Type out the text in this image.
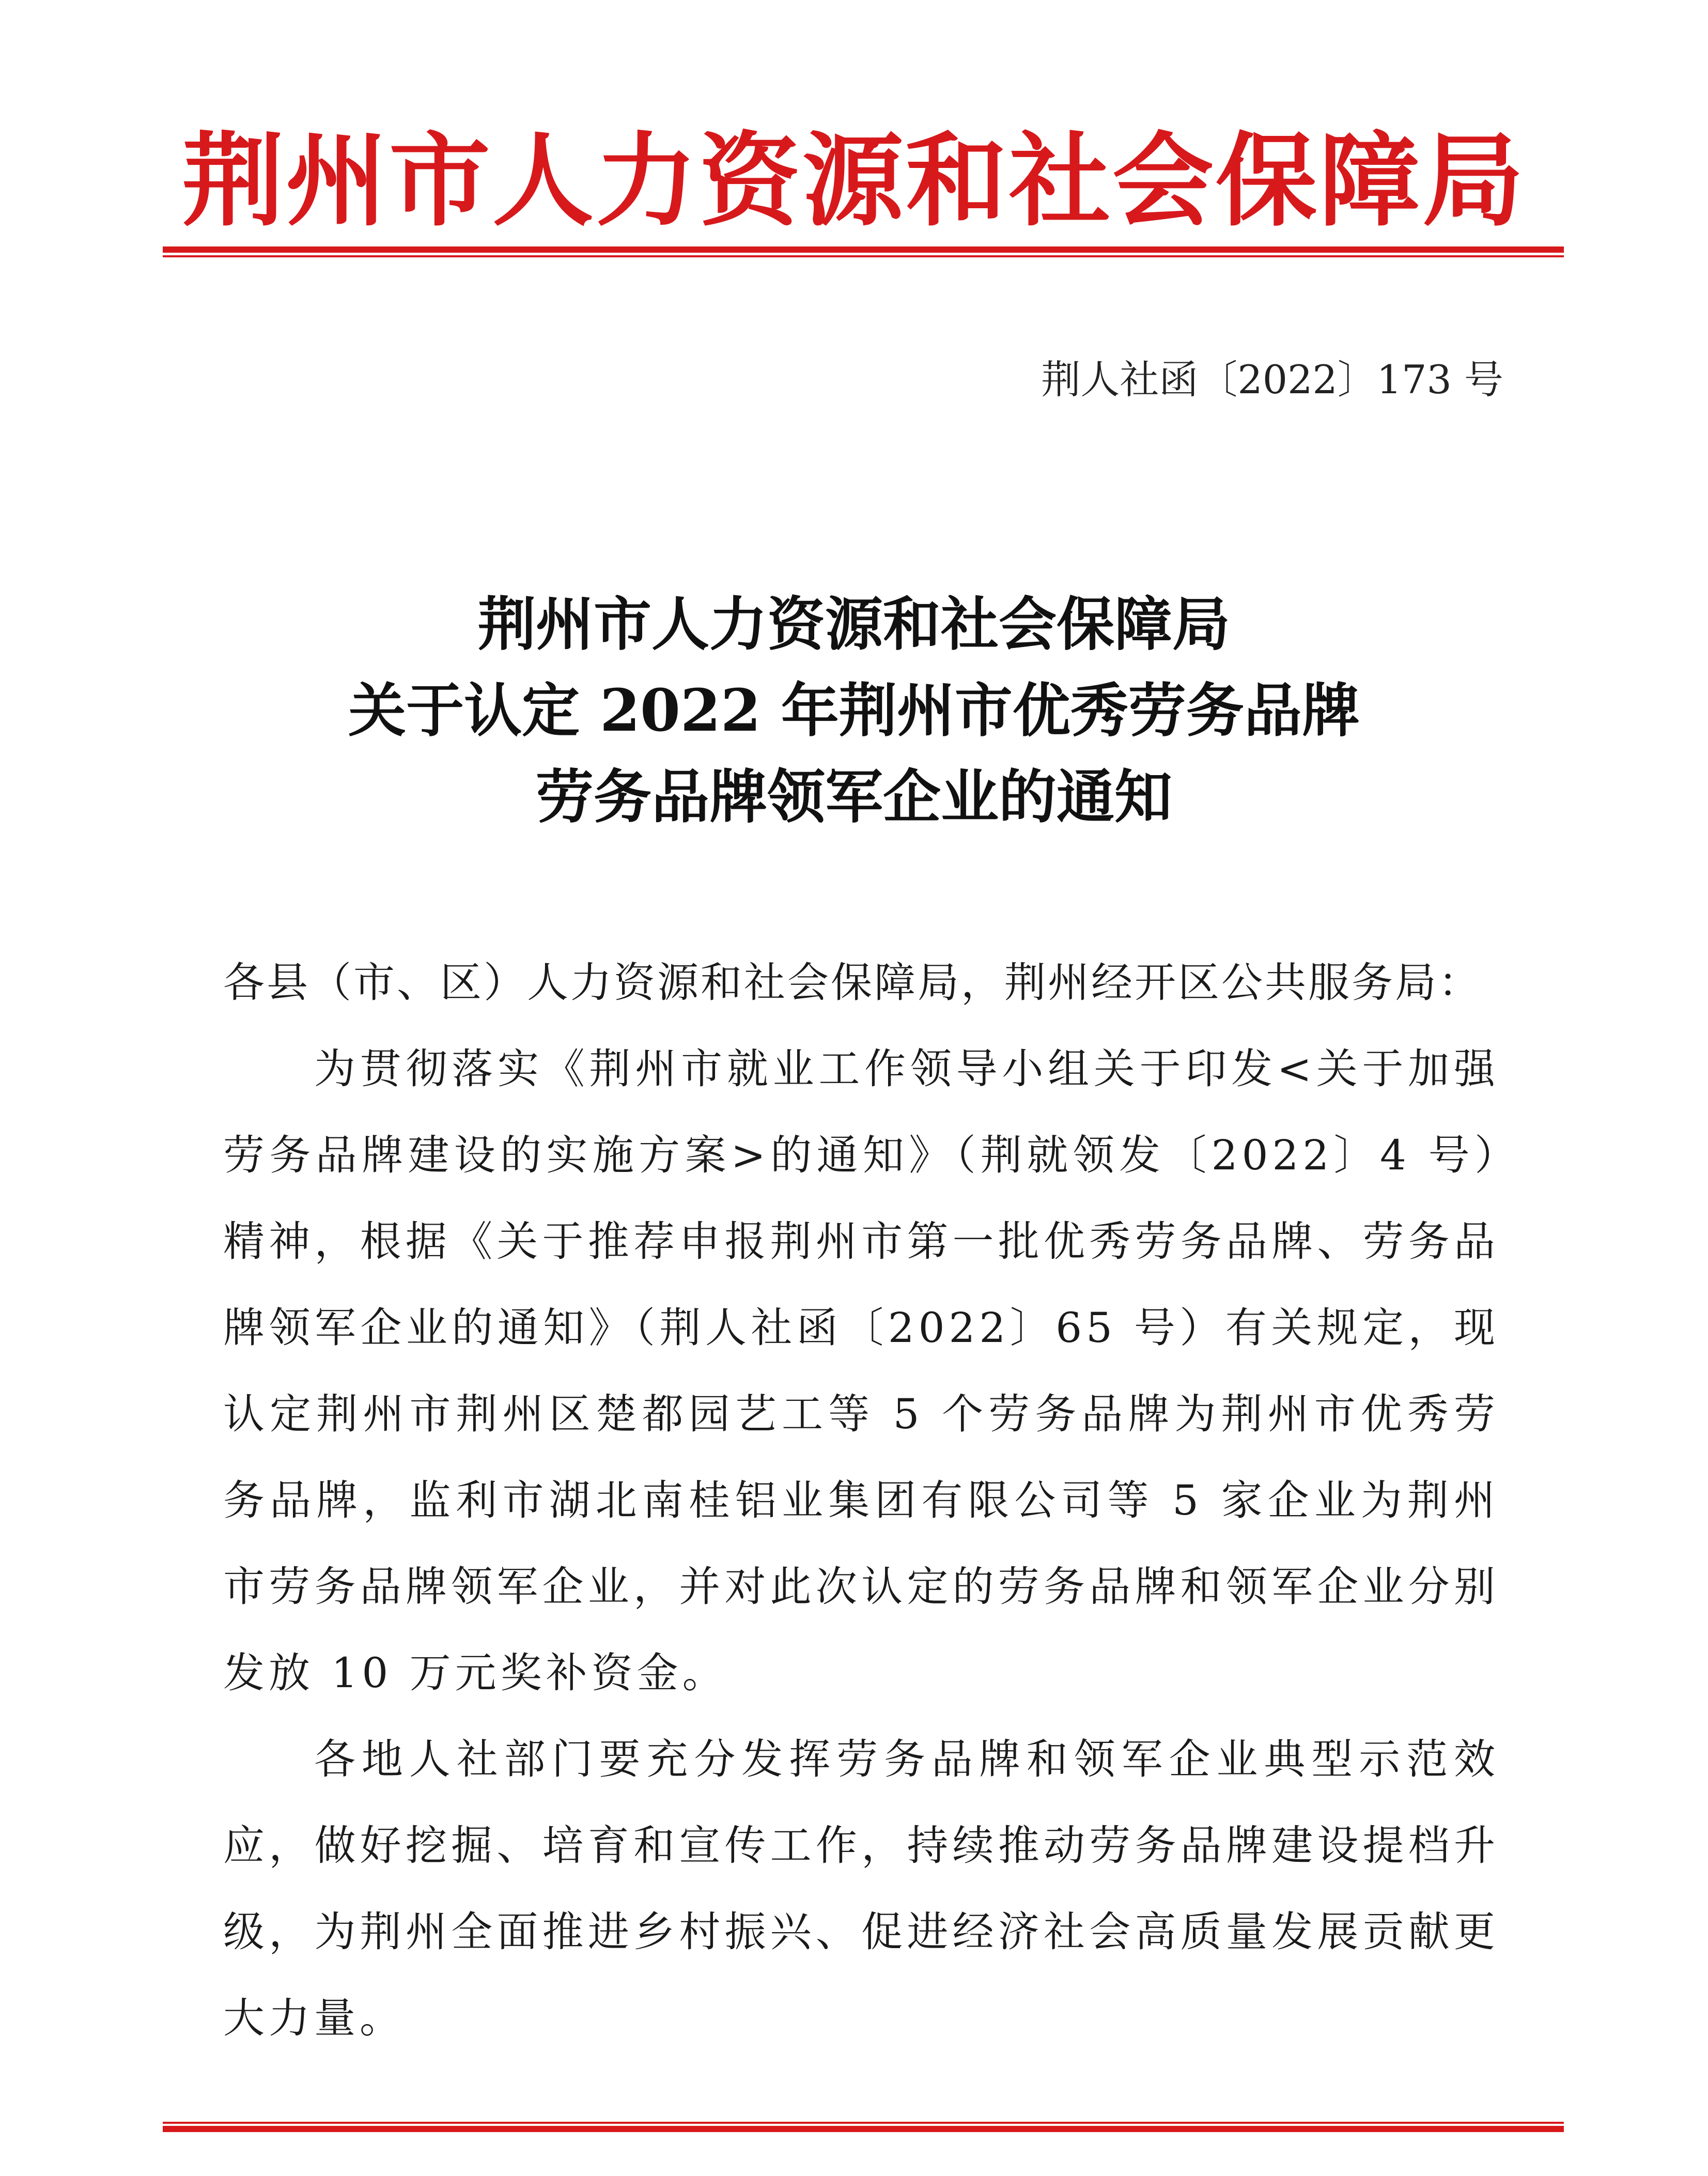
荆州市人力资源和社会保障局
荆人社函〔2022〕173 号
荆州市人力资源和社会保障局
关于认定 2022 年荆州市优秀劳务品牌
劳务品牌领军企业的通知

各县（市、区）人力资源和社会保障局，荆州经开区公共服务局：

为贯彻落实《荆州市就业工作领导小组关于印发<关于加强劳务品牌建设的实施方案>的通知》（荆就领发〔2022〕4 号）精神，根据《关于推荐申报荆州市第一批优秀劳务品牌、劳务品牌领军企业的通知》（荆人社函〔2022〕65 号）有关规定，现认定荆州市荆州区楚都园艺工等 5 个劳务品牌为荆州市优秀劳务品牌，监利市湖北南桂铝业集团有限公司等 5 家企业为荆州市劳务品牌领军企业，并对此次认定的劳务品牌和领军企业分别发放 10 万元奖补资金。

各地人社部门要充分发挥劳务品牌和领军企业典型示范效应，做好挖掘、培育和宣传工作，持续推动劳务品牌建设提档升级，为荆州全面推进乡村振兴、促进经济社会高质量发展贡献更大力量。
